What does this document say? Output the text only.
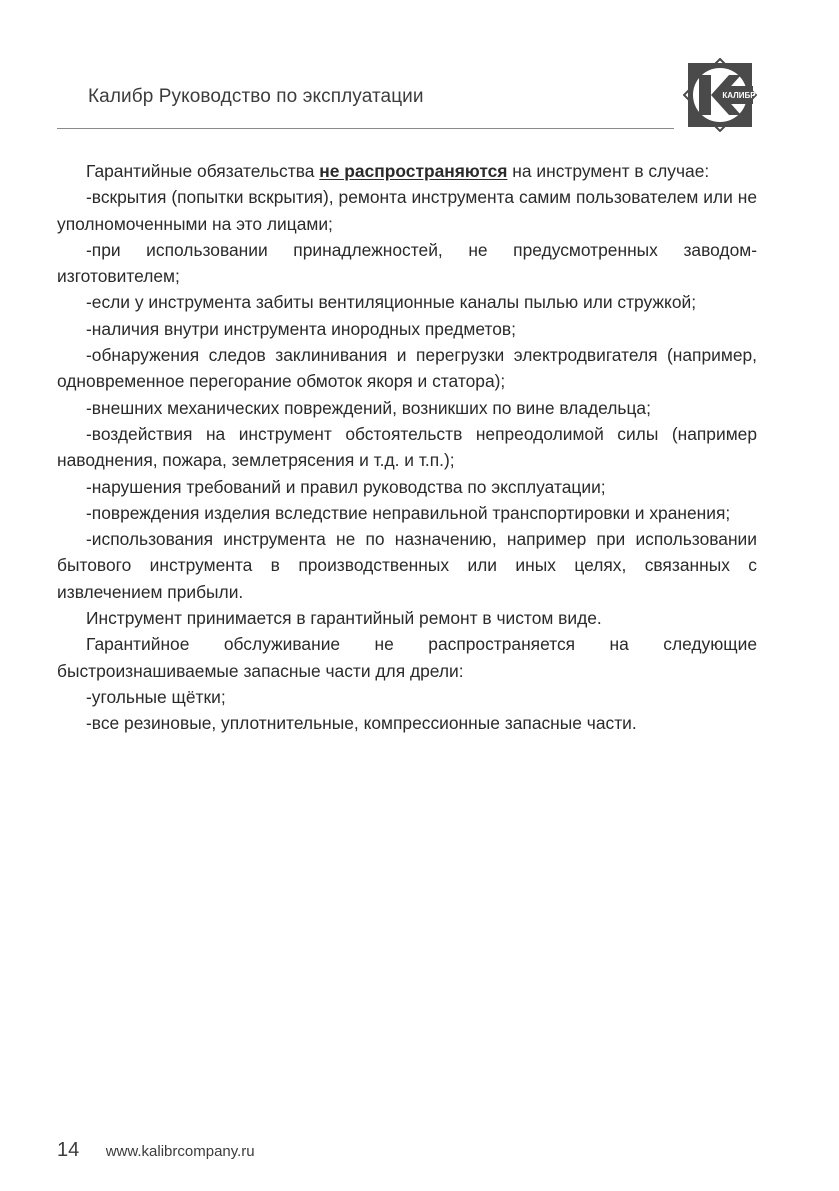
Калибр Руководство по эксплуатации	КАЛИБР

Гарантийные обязательства не распространяются на инструмент в случае:

-вскрытия (попытки вскрытия), ремонта инструмента самим пользователем или не уполномоченными на это лицами;

-при использовании принадлежностей, не предусмотренных заводом-изготовителем;

-если у инструмента забиты вентиляционные каналы пылью или стружкой;

-наличия внутри инструмента инородных предметов;

-обнаружения следов заклинивания и перегрузки электродвигателя (например, одновременное перегорание обмоток якоря и статора);

-внешних механических повреждений, возникших по вине владельца;

-воздействия на инструмент обстоятельств непреодолимой силы (например наводнения, пожара, землетрясения и т.д. и т.п.);

-нарушения требований и правил руководства по эксплуатации;

-повреждения изделия вследствие неправильной транспортировки и хранения;

-использования инструмента не по назначению, например при использовании бытового инструмента в производственных или иных целях, связанных с извлечением прибыли.

Инструмент принимается в гарантийный ремонт в чистом виде.

Гарантийное обслуживание не распространяется на следующие быстроизнашиваемые запасные части для дрели:

-угольные щётки;

-все резиновые, уплотнительные, компрессионные запасные части.

14 www.kalibrcompany.ru
